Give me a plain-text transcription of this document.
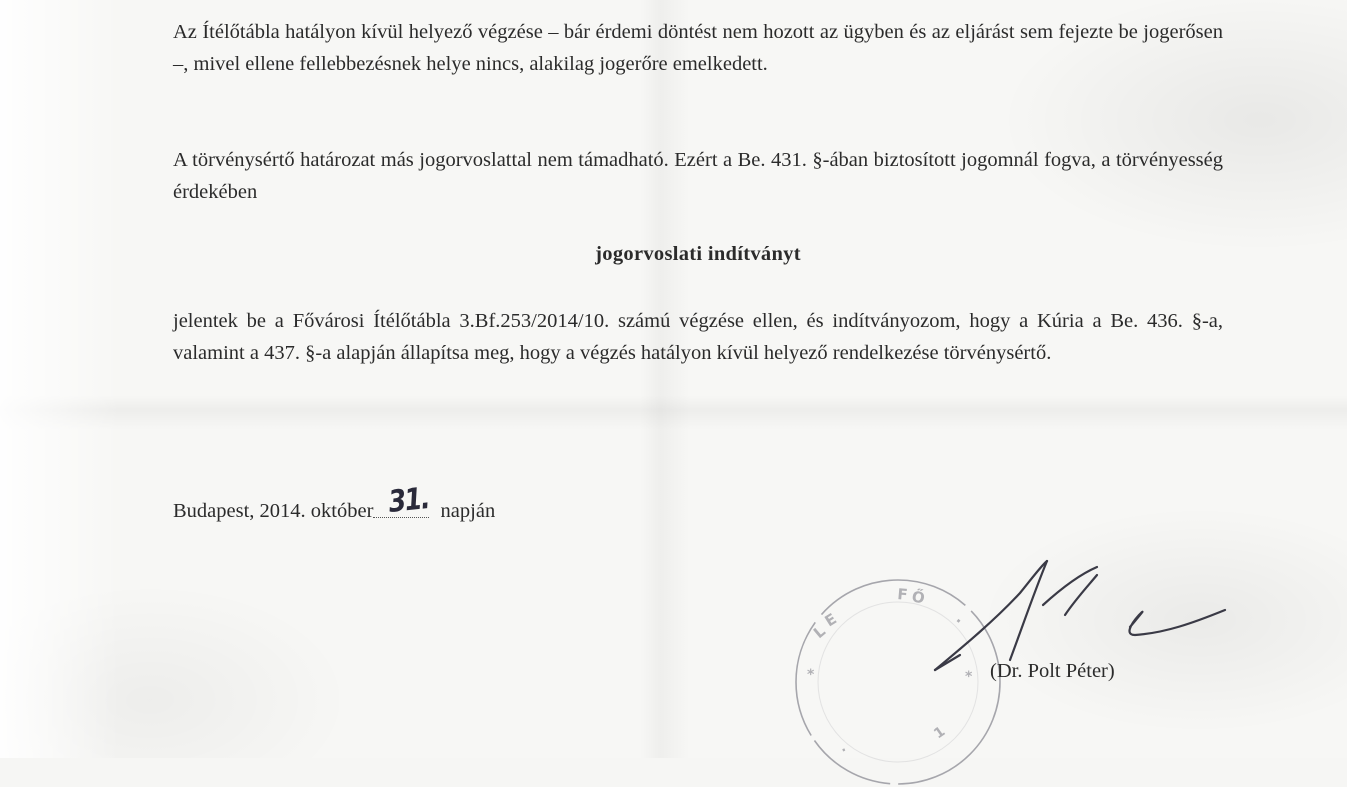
Az Ítélőtábla hatályon kívül helyező végzése – bár érdemi döntést nem hozott az ügyben és az eljárást sem fejezte be jogerősen –, mivel ellene fellebbezésnek helye nincs, alakilag jogerőre emelkedett.

A törvénysértő határozat más jogorvoslattal nem támadható. Ezért a Be. 431. §-ában biztosított jogomnál fogva, a törvényesség érdekében

jogorvoslati indítványt

jelentek be a Fővárosi Ítélőtábla 3.Bf.253/2014/10. számú végzése ellen, és indítványozom, hogy a Kúria a Be. 436. §-a, valamint a 437. §-a alapján állapítsa meg, hogy a végzés hatályon kívül helyező rendelkezése törvénysértő.

Budapest, 2014. október 31. napján
L
E
F Ő
·
*	*
·
1
(Dr. Polt Péter)
